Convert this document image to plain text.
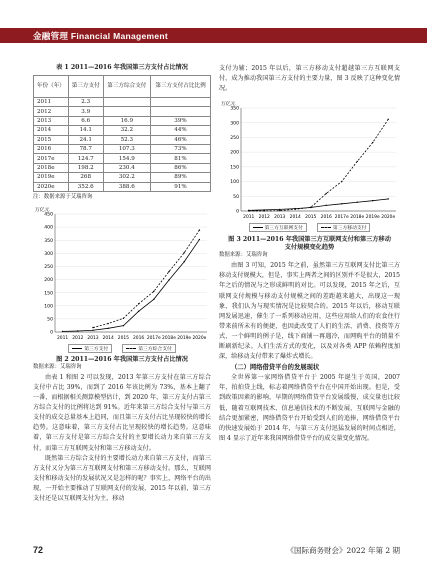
金融管理 Financial Management
表 1 2011—2016 年我国第三方支付占比情况
年份（年）	第三方支付	第三方综合支付	第三方支付占比比例
2011	2.3		
2012	3.9		
2013	6.6	16.9	39%
2014	14.1	32.2	44%
2015	24.1	52.3	46%
2016	78.7	107.3	73%
2017e	124.7	154.9	81%
2018e	198.2	230.4	86%
2019e	268	302.2	89%
2020e	352.6	388.6	91%
注：数据来源于艾瑞咨询
万亿元
0
50
100
150
200
250
300
350
400
450
2011 2012 2013 2014 2015 2016 2017e 2018e 2019e 2020e
第三方支付	第三方综合支付
图 2 2011—2016 年我国第三方支付占比情况
数据来源：艾瑞咨询

由表 1 和图 2 可以发现，2013 年第三方支付在第三方综合支付中占比 39%，而到了 2016 年该比例为 73%，基本上翻了一番，而根据相关测算模型估计，到 2020 年，第三方支付占第三方综合支付的比例将达到 91%。近年来第三方综合支付与第三方支付的成交总量基本上趋同，而且第三方支付占比呈现较快的增长趋势。这意味着，第三方支付占比呈现较快的增长趋势。这意味着，第三方支付是第三方综合支付的主要增长动力来自第三方支付，而第三方互联网支付和第三方移动支付。

既然第三方综合支付的主要增长动力来自第三方支付，而第三方支付又分为第三方互联网支付和第三方移动支付。那么，互联网支付和移动支付的发展状况又是怎样的呢？事实上，网络平台的出现，一开始主要推动了互联网支付的发展，2015 年以前，第三方支付还是以互联网支付为主，移动

支付为辅；2015 年以后，第三方移动支付超越第三方互联网支付，成为推动我国第三方支付的主要力量，图 3 反映了这种变化情况。

万亿元
0
50
100
150
200
250
300
350
2011 2012 2013 2014 2015 2016 2017e 2018e 2019e 2020e
第三方互联网支付	第三方移动支付
图 3 2011—2016 年我国第三方互联网支付和第三方移动
支付规模变化趋势
数据来源：艾瑞咨询

由图 3 可知，2015 年之前，虽然第三方互联网支付比第三方移动支付规模大，但是，事实上两者之间的区别并不是很大，2015 年之后的情况与之形成鲜明的对比。可以发现，2015 年之后，互联网支付规模与移动支付规模之间的差距越来越大，出现这一现象，我们认为与现实情况是比较契合的。2015 年以后，移动互联网发展迅速，催生了一系列移动应用，这些应用给人们的农食住行带来前所未有的便捷，也因此改变了人们的生活、消费、投资等方式，一个鲜明的例子是，线下商铺一再遇冷，而网购平台的销量不断刷新纪录。人们生活方式的变化，以及对各类 APP 依赖程度加深，给移动支付带来了爆炸式增长。

（二）网络借贷平台的发展现状

全世界第一家网络借贷平台于 2005 年诞生于英国，2007 年，拍拍贷上线，标志着网络借贷平台在中国开始出现。但是，受到政策因素的影响，早期的网络借贷平台发展缓慢，成交量也比较低，随着互联网技术、信息通信技术的不断发展，互联网与金融的结合更加紧密，网络借贷平台开始受到人们的追捧，网络借贷平台的快速发展始于 2014 年，与第三方支付迅猛发展的时间点相近，图 4 显示了近年来我国网络借贷平台的成交量变化情况。

72	《国际商务财会》2022 年第 2 期
